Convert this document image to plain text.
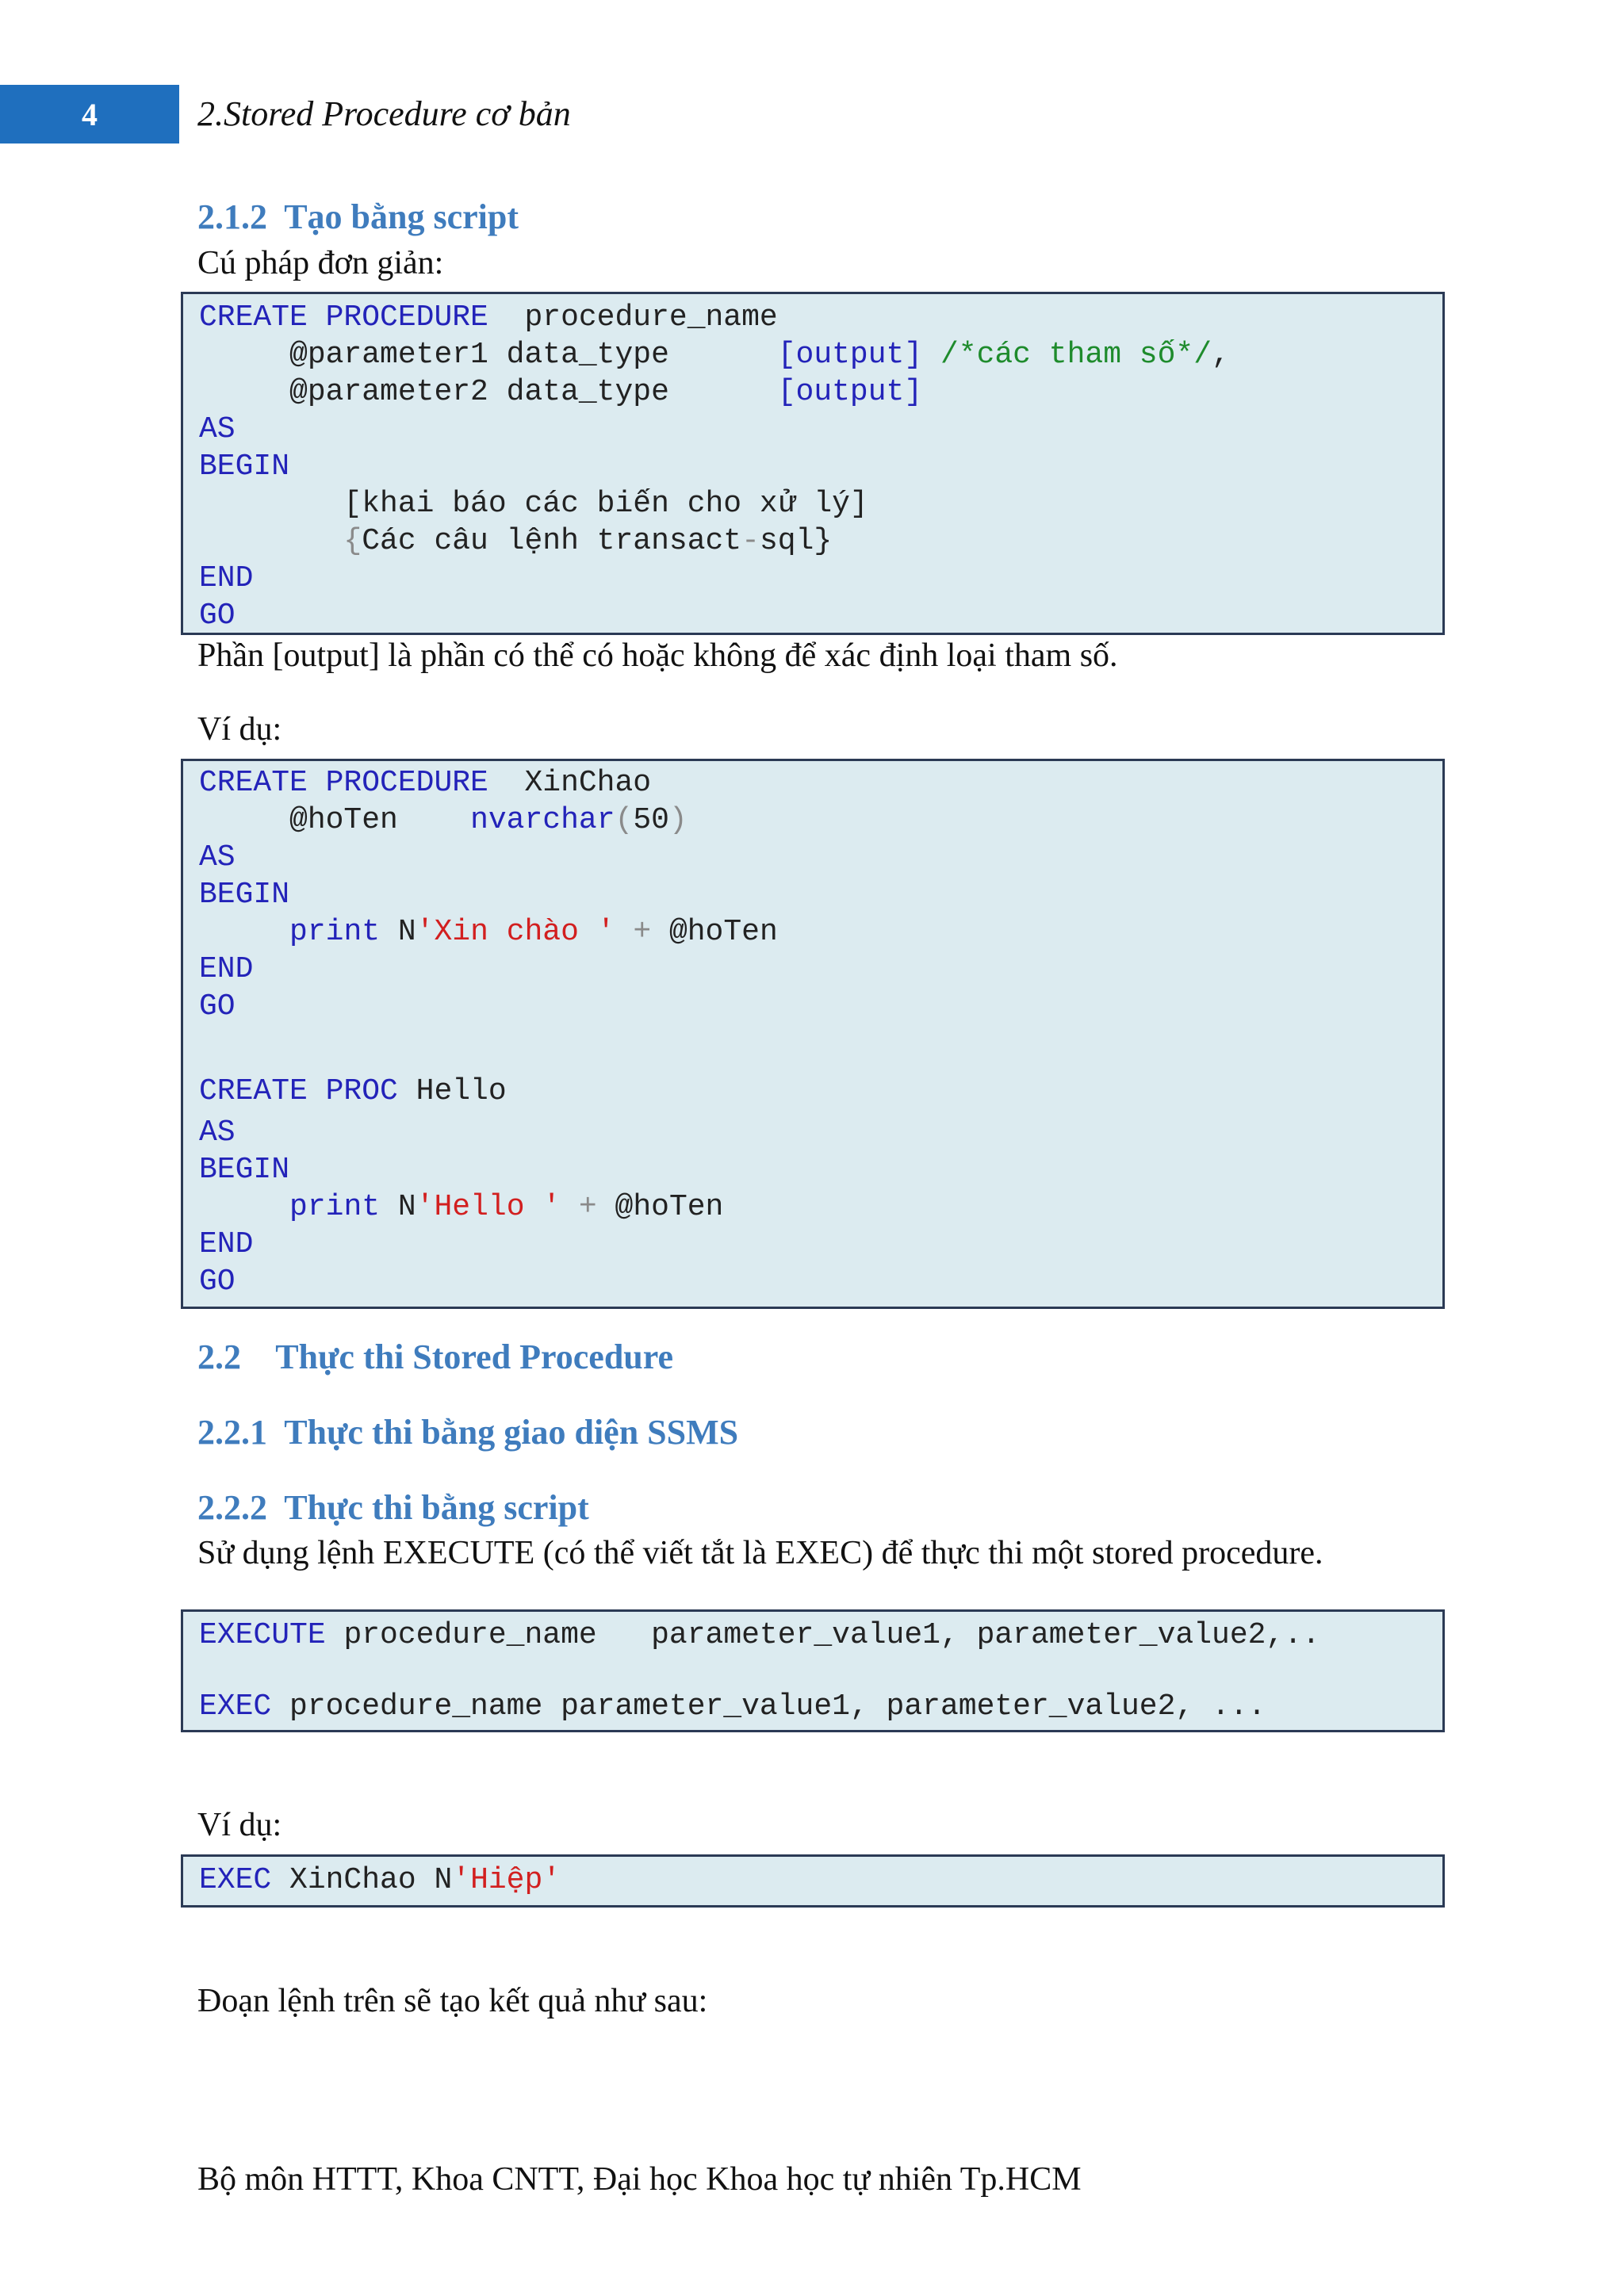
4	2.Stored Procedure cơ bản
2.1.2  Tạo bằng script
Cú pháp đơn giản:
CREATE PROCEDURE  procedure_name
@parameter1 data_type      [output] /*các tham số*/,
@parameter2 data_type      [output]
AS
BEGIN
[khai báo các biến cho xử lý]
{Các câu lệnh transact-sql}
END
GO
Phần [output] là phần có thể có hoặc không để xác định loại tham số.
Ví dụ:
CREATE PROCEDURE  XinChao
@hoTen    nvarchar(50)
AS
BEGIN
print N'Xin chào ' + @hoTen
END
GO
CREATE PROC Hello
AS
BEGIN
print N'Hello ' + @hoTen
END
GO
2.2    Thực thi Stored Procedure
2.2.1  Thực thi bằng giao diện SSMS
2.2.2  Thực thi bằng script
Sử dụng lệnh EXECUTE (có thể viết tắt là EXEC) để thực thi một stored procedure.
EXECUTE procedure_name   parameter_value1, parameter_value2,..
EXEC procedure_name parameter_value1, parameter_value2, ...
Ví dụ:
EXEC XinChao N'Hiệp'
Đoạn lệnh trên sẽ tạo kết quả như sau:
Bộ môn HTTT, Khoa CNTT, Đại học Khoa học tự nhiên Tp.HCM
